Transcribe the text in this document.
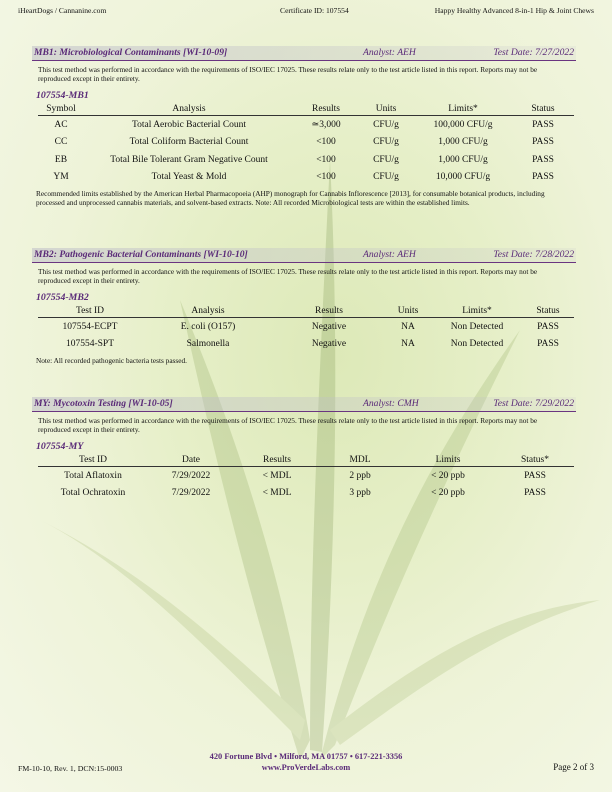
iHeartDogs / Cannanine.com	Certificate ID: 107554	Happy Healthy Advanced 8-in-1 Hip & Joint Chews
MB1: Microbiological Contaminants [WI-10-09]	Analyst: AEH	Test Date: 7/27/2022
This test method was performed in accordance with the requirements of ISO/IEC 17025. These results relate only to the test article listed in this report. Reports may not be reproduced except in their entirety.
107554-MB1
Symbol	Analysis	Results	Units	Limits*	Status
AC	Total Aerobic Bacterial Count	≃3,000	CFU/g	100,000 CFU/g	PASS
CC	Total Coliform Bacterial Count	<100	CFU/g	1,000 CFU/g	PASS
EB	Total Bile Tolerant Gram Negative Count	<100	CFU/g	1,000 CFU/g	PASS
YM	Total Yeast & Mold	<100	CFU/g	10,000 CFU/g	PASS
Recommended limits established by the American Herbal Pharmacopoeia (AHP) monograph for Cannabis Inflorescence [2013], for consumable botanical products, including processed and unprocessed cannabis materials, and solvent-based extracts. Note: All recorded Microbiological tests are within the established limits.
MB2: Pathogenic Bacterial Contaminants [WI-10-10]	Analyst: AEH	Test Date: 7/28/2022
This test method was performed in accordance with the requirements of ISO/IEC 17025. These results relate only to the test article listed in this report. Reports may not be reproduced except in their entirety.
107554-MB2
Test ID	Analysis	Results	Units	Limits*	Status
107554-ECPT	E. coli (O157)	Negative	NA	Non Detected	PASS
107554-SPT	Salmonella	Negative	NA	Non Detected	PASS
Note: All recorded pathogenic bacteria tests passed.
MY: Mycotoxin Testing [WI-10-05]	Analyst: CMH	Test Date: 7/29/2022
This test method was performed in accordance with the requirements of ISO/IEC 17025. These results relate only to the test article listed in this report. Reports may not be reproduced except in their entirety.
107554-MY
Test ID	Date	Results	MDL	Limits	Status*
Total Aflatoxin	7/29/2022	< MDL	2 ppb	< 20 ppb	PASS
Total Ochratoxin	7/29/2022	< MDL	3 ppb	< 20 ppb	PASS
420 Fortune Blvd • Milford, MA 01757 • 617-221-3356
www.ProVerdeLabs.com
FM-10-10, Rev. 1, DCN:15-0003	Page 2 of 3
